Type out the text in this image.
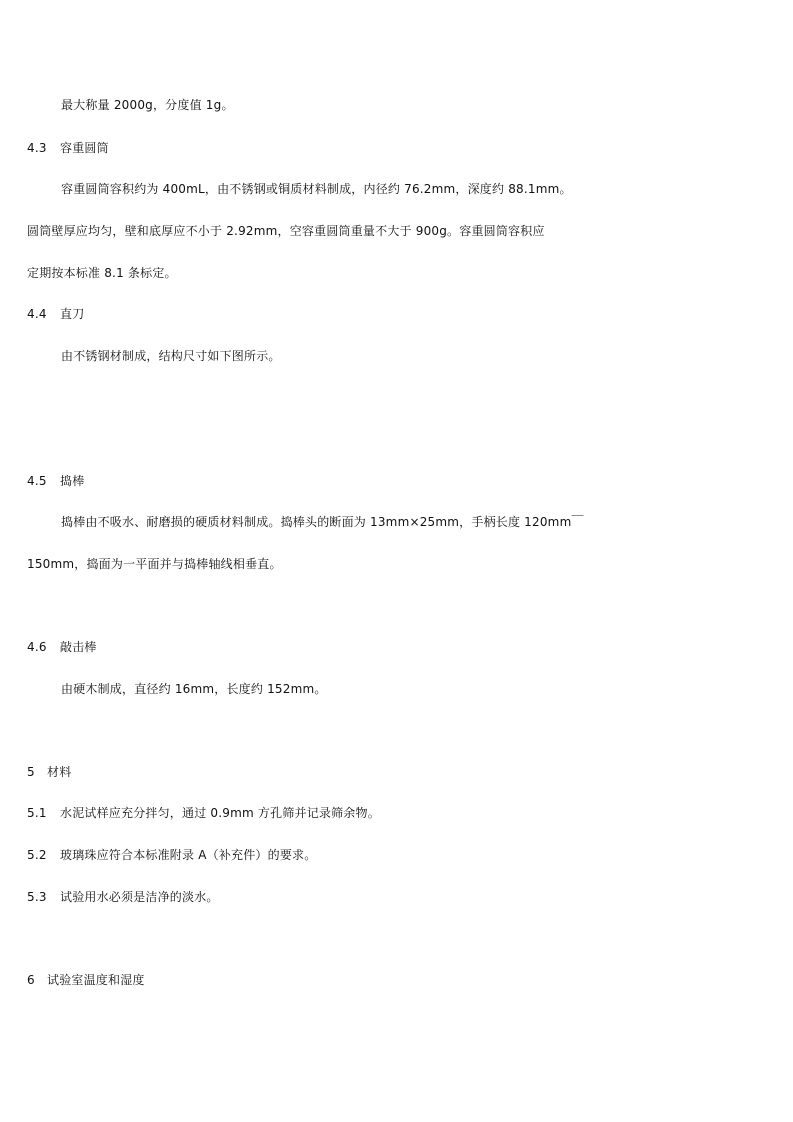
最大称量 2000g，分度值 1g。
4.3 容重圆筒
容重圆筒容积约为 400mL，由不锈钢或铜质材料制成，内径约 76.2mm，深度约 88.1mm。
圆筒壁厚应均匀，壁和底厚应不小于 2.92mm，空容重圆筒重量不大于 900g。容重圆筒容积应
定期按本标准 8.1 条标定。
4.4 直刀
由不锈钢材制成，结构尺寸如下图所示。
4.5 捣棒
捣棒由不吸水、耐磨损的硬质材料制成。捣棒头的断面为 13mm×25mm，手柄长度 120mm￣
150mm，捣面为一平面并与捣棒轴线相垂直。
4.6 敲击棒
由硬木制成，直径约 16mm，长度约 152mm。
5 材料
5.1 水泥试样应充分拌匀，通过 0.9mm 方孔筛并记录筛余物。
5.2 玻璃珠应符合本标准附录 A（补充件）的要求。
5.3 试验用水必须是洁净的淡水。
6 试验室温度和湿度
